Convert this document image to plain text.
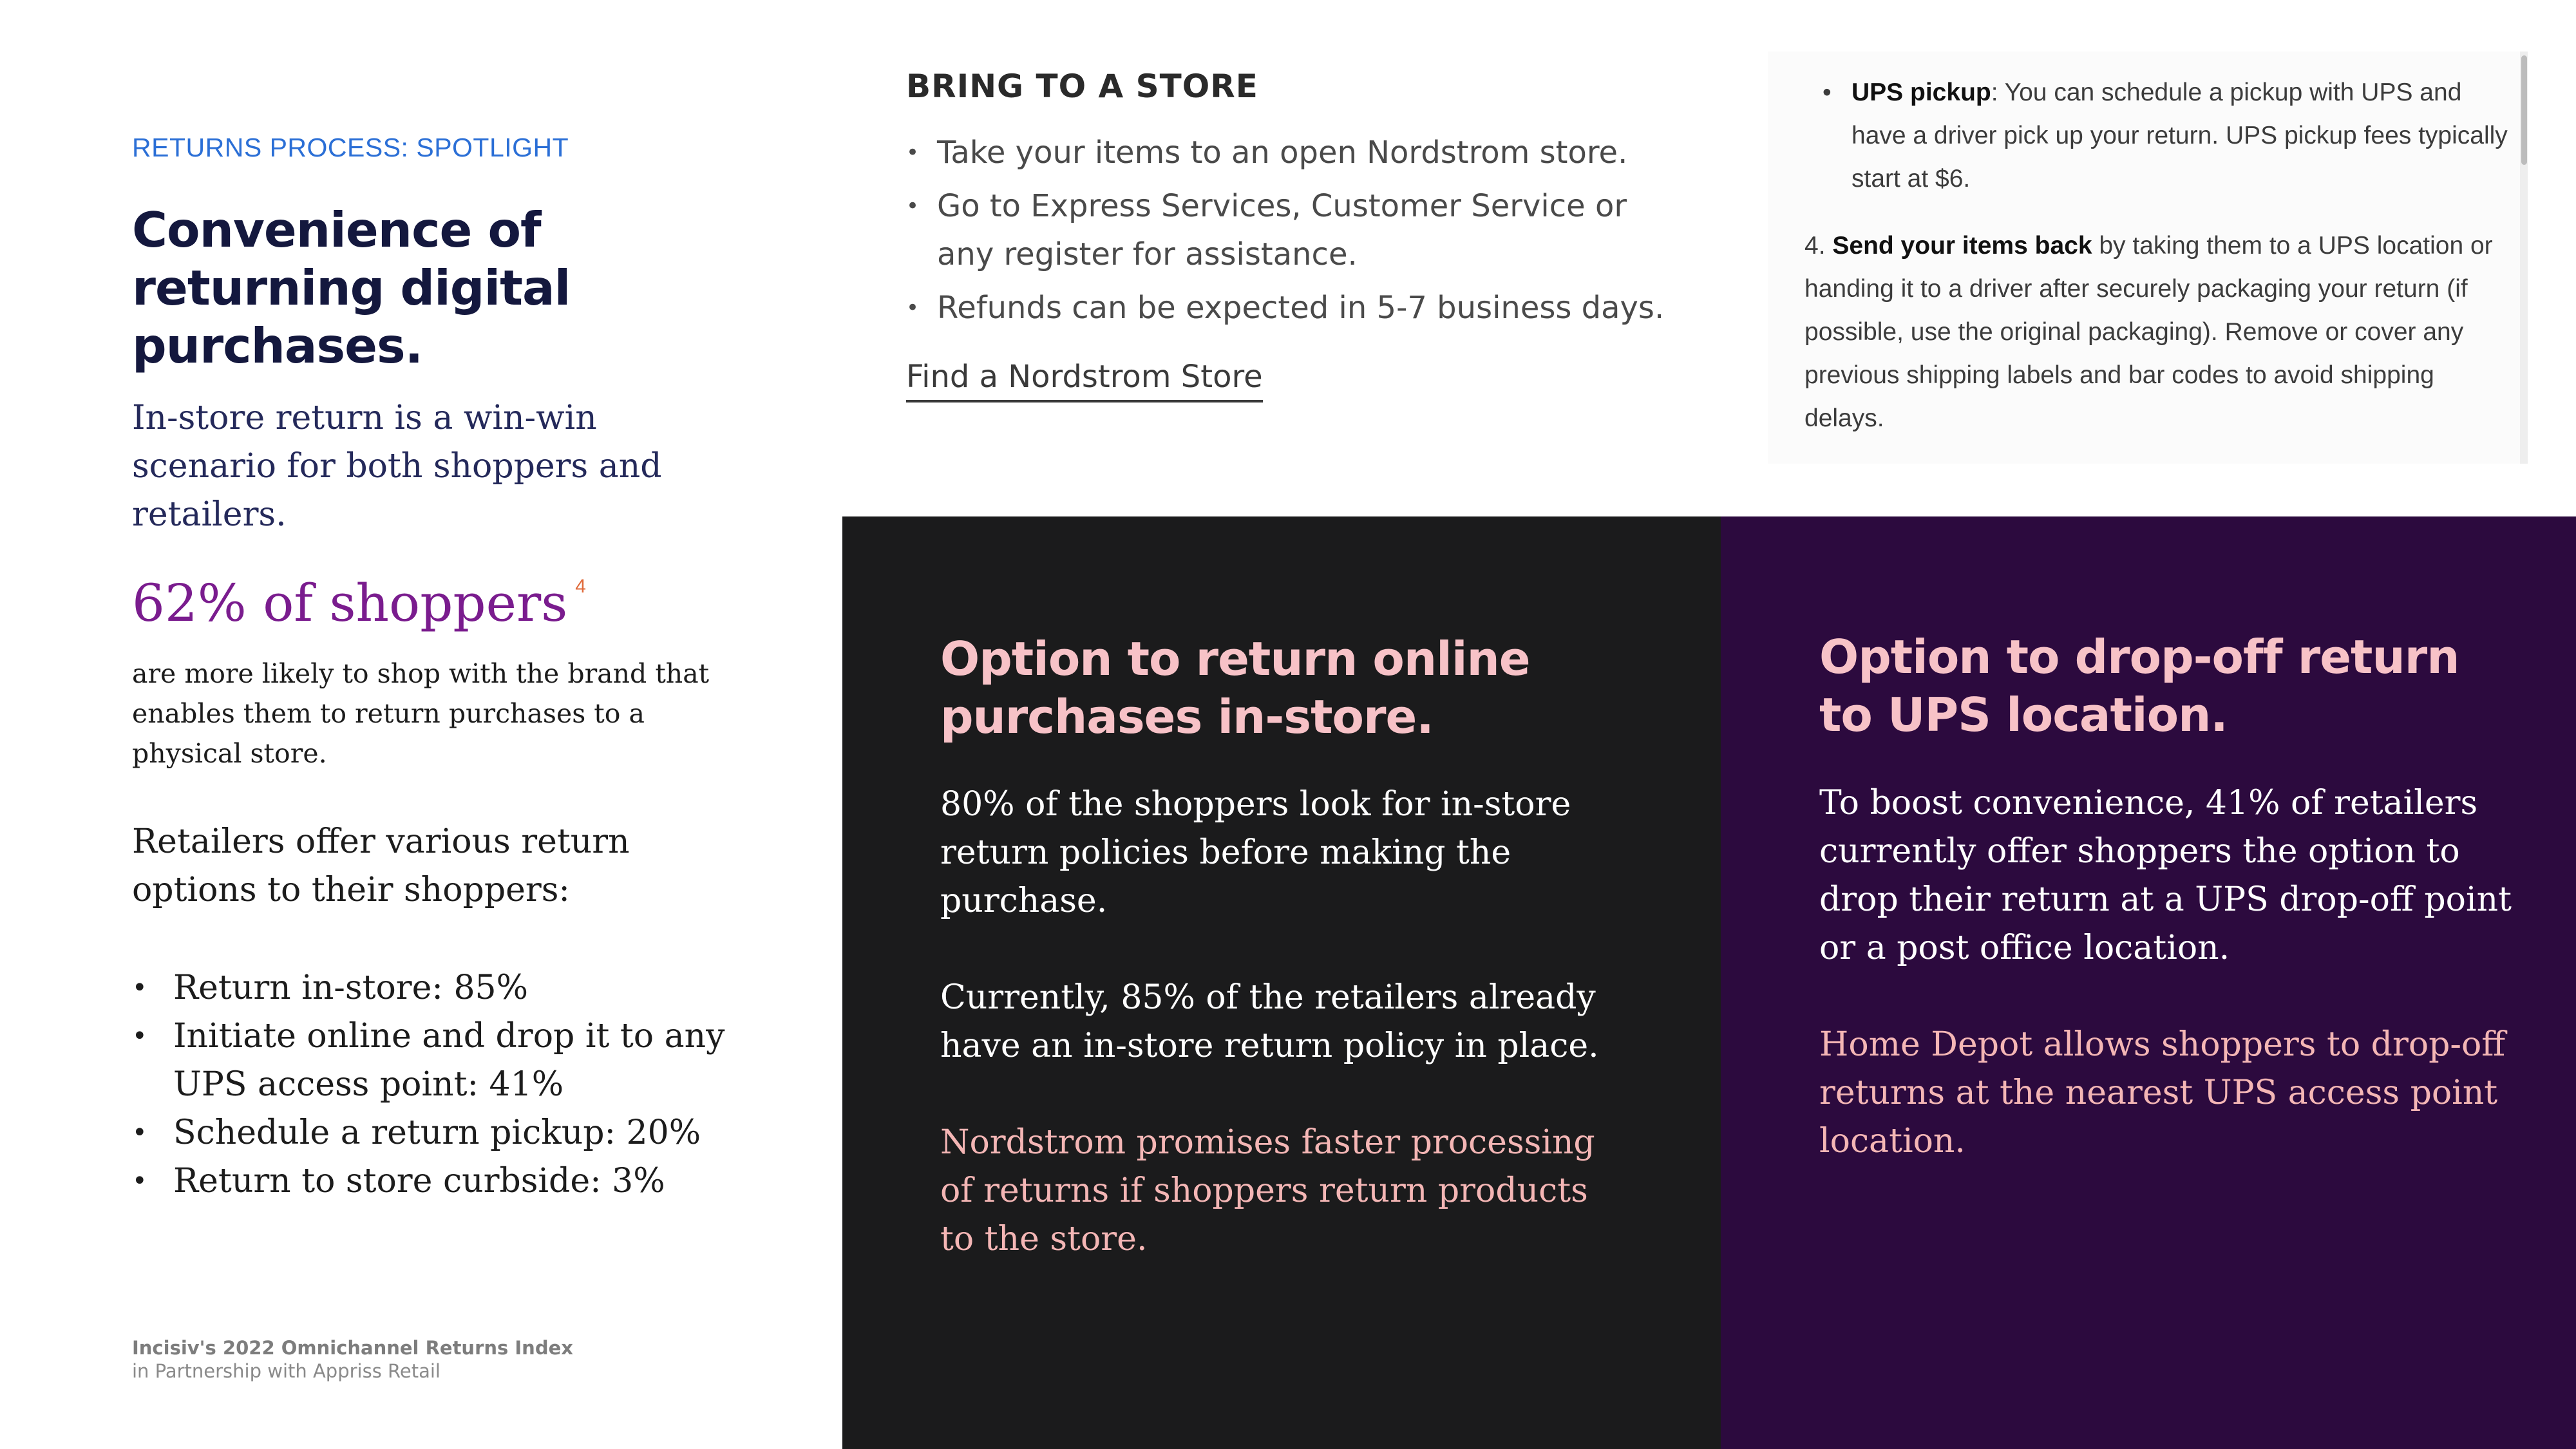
RETURNS PROCESS: SPOTLIGHT
Convenience of
returning digital
purchases.
In-store return is a win-win scenario for both shoppers and retailers.
62% of shoppers $^4$
are more likely to shop with the brand that enables them to return purchases to a physical store.
Retailers offer various return options to their shoppers:
• Return in-store: 85%
• Initiate online and drop it to any UPS access point: 41%
• Schedule a return pickup: 20%
• Return to store curbside: 3%
Incisiv's 2022 Omnichannel Returns Index
in Partnership with Appriss Retail
BRING TO A STORE
• Take your items to an open Nordstrom store.
• Go to Express Services, Customer Service or any register for assistance.
• Refunds can be expected in 5-7 business days.
Find a Nordstrom Store

• UPS pickup: You can schedule a pickup with UPS and have a driver pick up your return. UPS pickup fees typically start at $6.

4. Send your items back by taking them to a UPS location or handing it to a driver after securely packaging your return (if possible, use the original packaging). Remove or cover any previous shipping labels and bar codes to avoid shipping delays.

Option to return online purchases in-store.

80% of the shoppers look for in-store return policies before making the purchase.

Currently, 85% of the retailers already have an in-store return policy in place.

Nordstrom promises faster processing of returns if shoppers return products to the store.

Option to drop-off return to UPS location.

To boost convenience, 41% of retailers currently offer shoppers the option to drop their return at a UPS drop-off point or a post office location.

Home Depot allows shoppers to drop-off returns at the nearest UPS access point location.
